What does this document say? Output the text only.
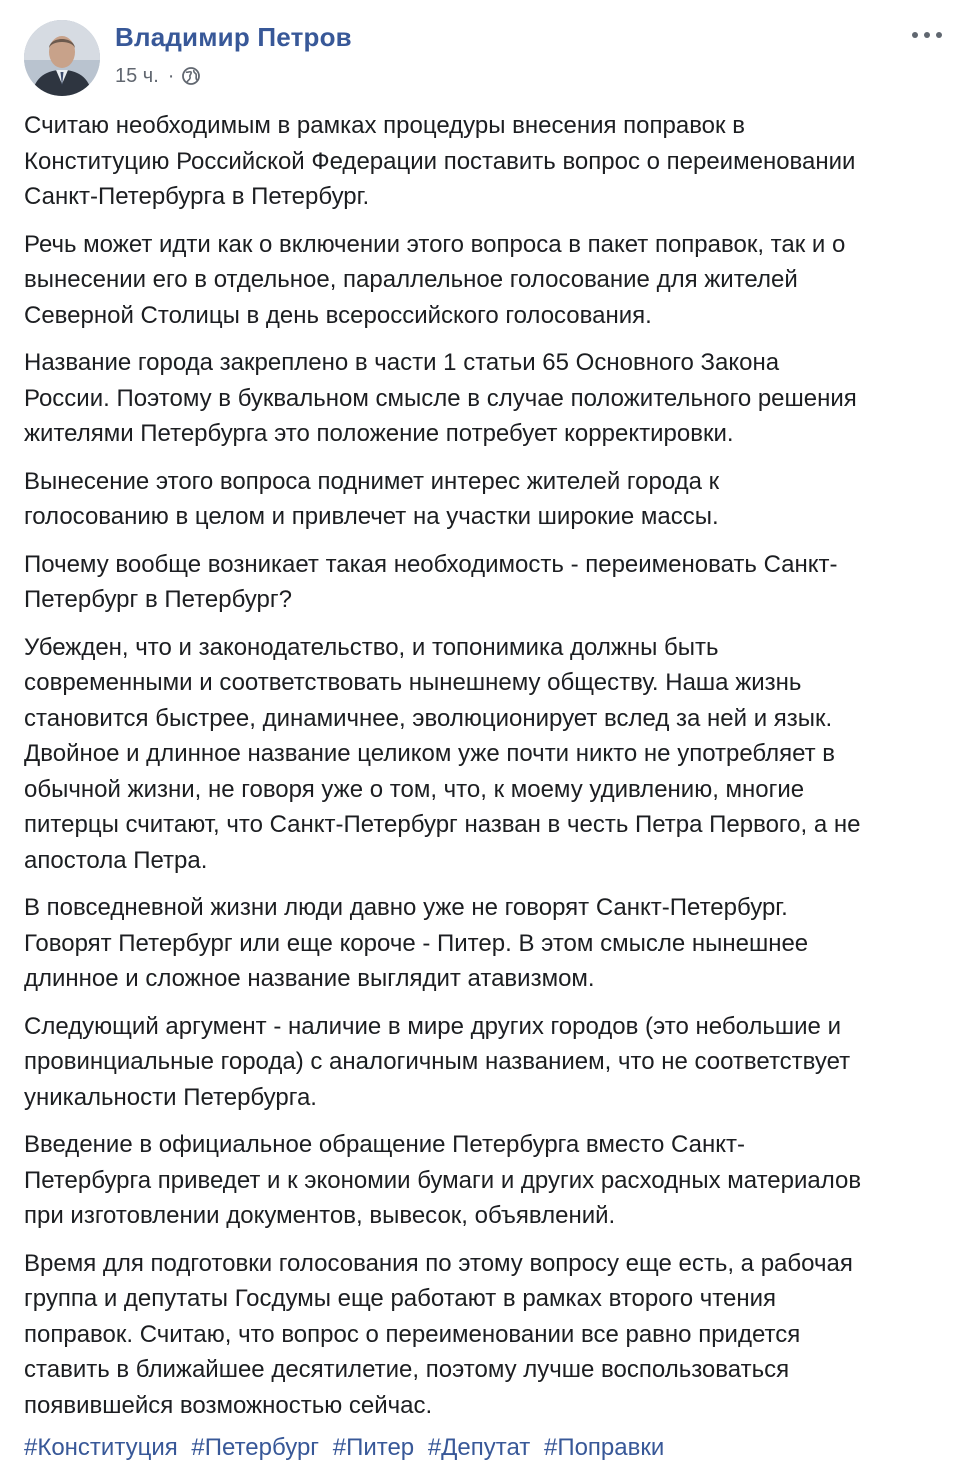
Владимир Петров
15 ч. ·

Считаю необходимым в рамках процедуры внесения поправок в
Конституцию Российской Федерации поставить вопрос о переименовании
Санкт-Петербурга в Петербург.

Речь может идти как о включении этого вопроса в пакет поправок, так и о
вынесении его в отдельное, параллельное голосование для жителей
Северной Столицы в день всероссийского голосования.

Название города закреплено в части 1 статьи 65 Основного Закона
России. Поэтому в буквальном смысле в случае положительного решения
жителями Петербурга это положение потребует корректировки.

Вынесение этого вопроса поднимет интерес жителей города к
голосованию в целом и привлечет на участки широкие массы.

Почему вообще возникает такая необходимость - переименовать Санкт-
Петербург в Петербург?

Убежден, что и законодательство, и топонимика должны быть
современными и соответствовать нынешнему обществу. Наша жизнь
становится быстрее, динамичнее, эволюционирует вслед за ней и язык.
Двойное и длинное название целиком уже почти никто не употребляет в
обычной жизни, не говоря уже о том, что, к моему удивлению, многие
питерцы считают, что Санкт-Петербург назван в честь Петра Первого, а не
апостола Петра.

В повседневной жизни люди давно уже не говорят Санкт-Петербург.
Говорят Петербург или еще короче - Питер. В этом смысле нынешнее
длинное и сложное название выглядит атавизмом.

Следующий аргумент - наличие в мире других городов (это небольшие и
провинциальные города) с аналогичным названием, что не соответствует
уникальности Петербурга.

Введение в официальное обращение Петербурга вместо Санкт-
Петербурга приведет и к экономии бумаги и других расходных материалов
при изготовлении документов, вывесок, объявлений.

Время для подготовки голосования по этому вопросу еще есть, а рабочая
группа и депутаты Госдумы еще работают в рамках второго чтения
поправок. Считаю, что вопрос о переименовании все равно придется
ставить в ближайшее десятилетие, поэтому лучше воспользоваться
появившейся возможностью сейчас.

#Конституция #Петербург #Питер #Депутат #Поправки
